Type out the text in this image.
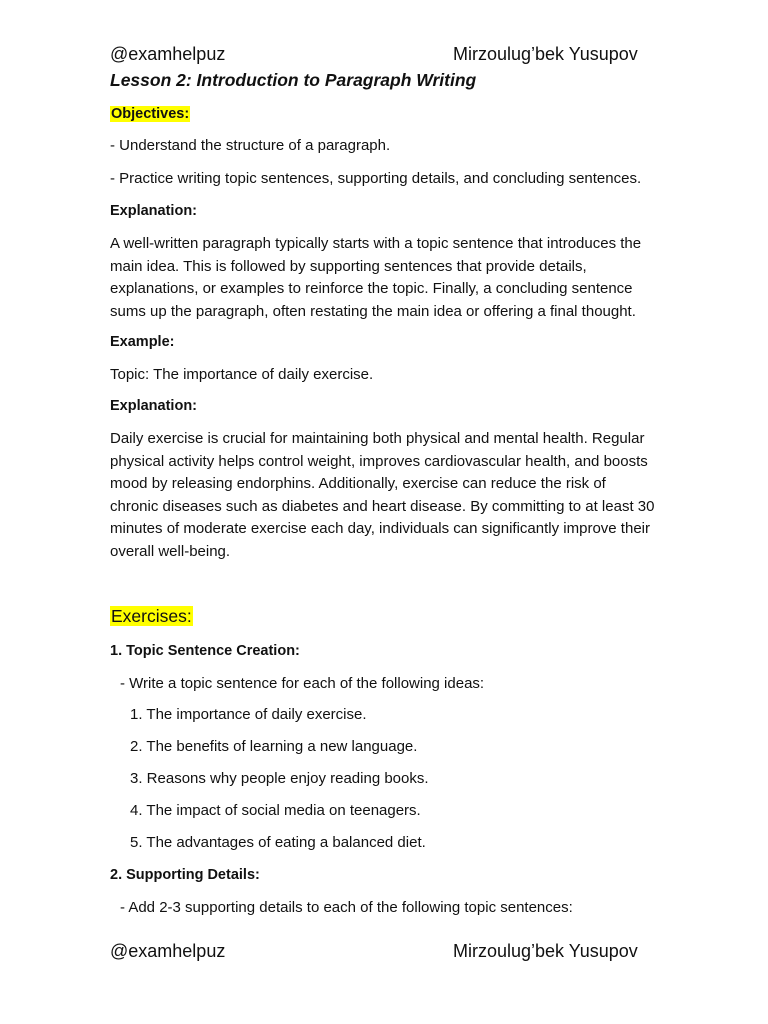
@examhelpuz	Mirzoulug’bek Yusupov
Lesson 2: Introduction to Paragraph Writing
Objectives:
- Understand the structure of a paragraph.
- Practice writing topic sentences, supporting details, and concluding sentences.
Explanation:
A well-written paragraph typically starts with a topic sentence that introduces the
main idea. This is followed by supporting sentences that provide details,
explanations, or examples to reinforce the topic. Finally, a concluding sentence
sums up the paragraph, often restating the main idea or offering a final thought.
Example:
Topic: The importance of daily exercise.
Explanation:
Daily exercise is crucial for maintaining both physical and mental health. Regular
physical activity helps control weight, improves cardiovascular health, and boosts
mood by releasing endorphins. Additionally, exercise can reduce the risk of
chronic diseases such as diabetes and heart disease. By committing to at least 30
minutes of moderate exercise each day, individuals can significantly improve their
overall well-being.
Exercises:
1. Topic Sentence Creation:
- Write a topic sentence for each of the following ideas:
1. The importance of daily exercise.
2. The benefits of learning a new language.
3. Reasons why people enjoy reading books.
4. The impact of social media on teenagers.
5. The advantages of eating a balanced diet.
2. Supporting Details:
- Add 2-3 supporting details to each of the following topic sentences:
@examhelpuz	Mirzoulug’bek Yusupov
